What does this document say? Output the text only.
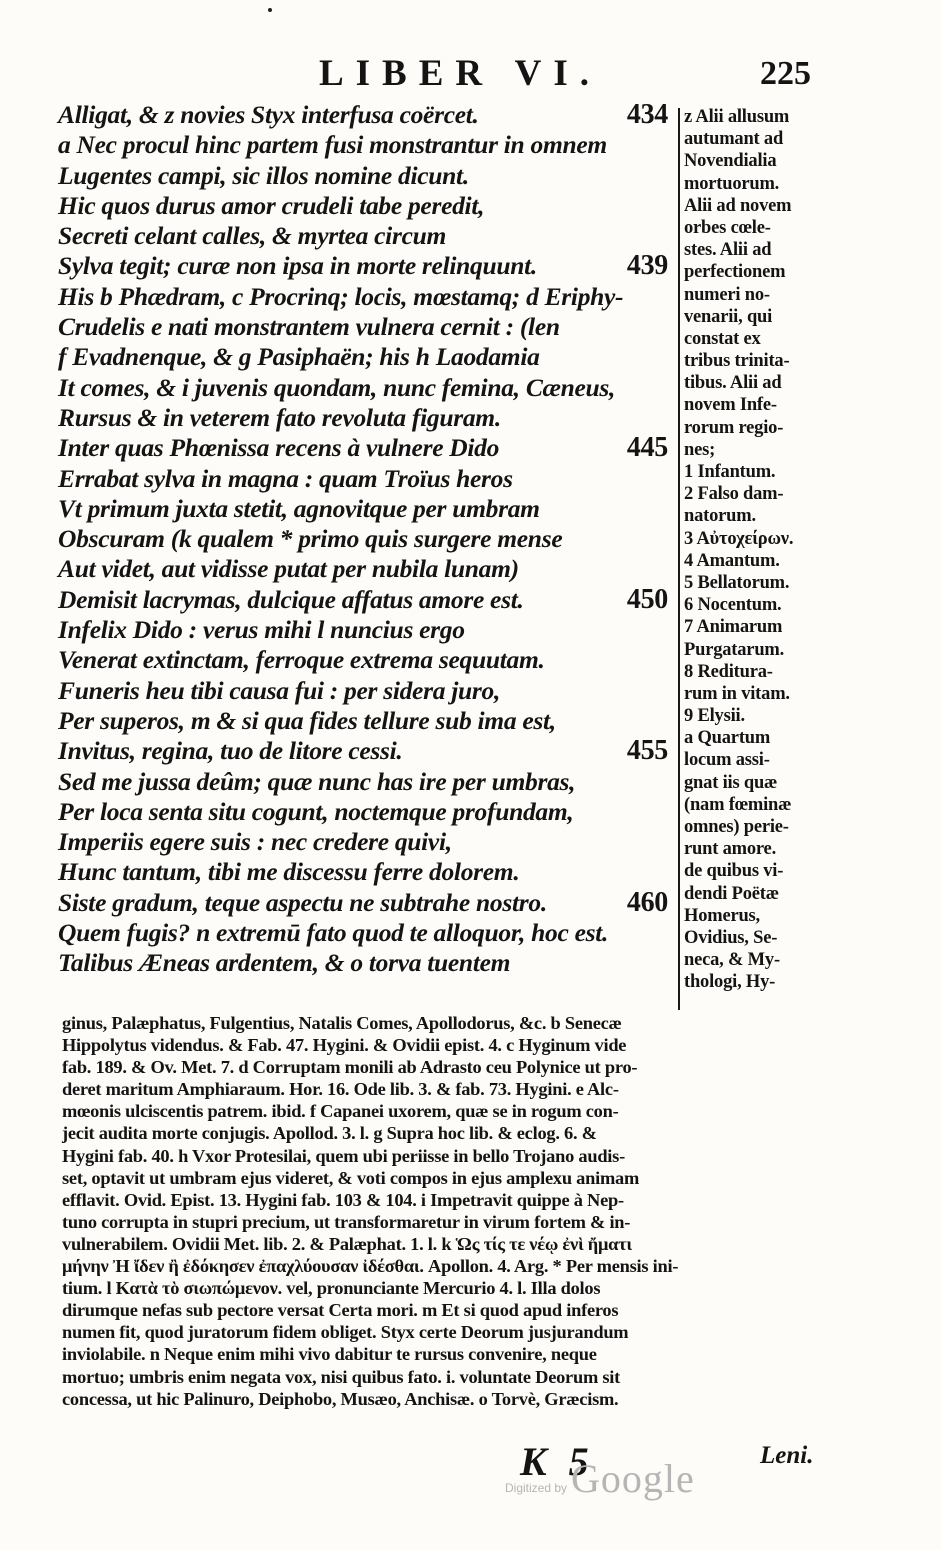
LIBER VI.	225
Alligat, & z novies Styx interfusa coërcet.	434
a Nec procul hinc partem fusi monstrantur in omnem
Lugentes campi, sic illos nomine dicunt.
Hic quos durus amor crudeli tabe peredit,
Secreti celant calles, & myrtea circum
Sylva tegit; curæ non ipsa in morte relinquunt.	439
His b Phædram, c Procrinq; locis, mœstamq; d Eriphy-
Crudelis e nati monstrantem vulnera cernit : (len
f Evadnenque, & g Pasiphaën; his h Laodamia
It comes, & i juvenis quondam, nunc femina, Cæneus,
Rursus & in veterem fato revoluta figuram.
Inter quas Phœnissa recens à vulnere Dido	445
Errabat sylva in magna : quam Troïus heros
Vt primum juxta stetit, agnovitque per umbram
Obscuram (k qualem * primo quis surgere mense
Aut videt, aut vidisse putat per nubila lunam)
Demisit lacrymas, dulcique affatus amore est.	450
Infelix Dido : verus mihi l nuncius ergo
Venerat extinctam, ferroque extrema sequutam.
Funeris heu tibi causa fui : per sidera juro,
Per superos, m & si qua fides tellure sub ima est,
Invitus, regina, tuo de litore cessi.	455
Sed me jussa deûm; quæ nunc has ire per umbras,
Per loca senta situ cogunt, noctemque profundam,
Imperiis egere suis : nec credere quivi,
Hunc tantum, tibi me discessu ferre dolorem.
Siste gradum, teque aspectu ne subtrahe nostro.	460
Quem fugis? n extremū fato quod te alloquor, hoc est.
Talibus Æneas ardentem, & o torva tuentem
z Alii allusum
autumant ad
Novendialia
mortuorum.
Alii ad novem
orbes cœle-
stes. Alii ad
perfectionem
numeri no-
venarii, qui
constat ex
tribus trinita-
tibus. Alii ad
novem Infe-
rorum regio-
nes;
1 Infantum.
2 Falso dam-
natorum.
3 Αὐτοχείρων.
4 Amantum.
5 Bellatorum.
6 Nocentum.
7 Animarum
Purgatarum.
8 Reditura-
rum in vitam.
9 Elysii.
a Quartum
locum assi-
gnat iis quæ
(nam fœminæ
omnes) perie-
runt amore.
de quibus vi-
dendi Poëtæ
Homerus,
Ovidius, Se-
neca, & My-
thologi, Hy-
ginus, Palæphatus, Fulgentius, Natalis Comes, Apollodorus, &c. b Senecæ
Hippolytus videndus. & Fab. 47. Hygini. & Ovidii epist. 4. c Hyginum vide
fab. 189. & Ov. Met. 7. d Corruptam monili ab Adrasto ceu Polynice ut pro-
deret maritum Amphiaraum. Hor. 16. Ode lib. 3. & fab. 73. Hygini. e Alc-
mœonis ulciscentis patrem. ibid. f Capanei uxorem, quæ se in rogum con-
jecit audita morte conjugis. Apollod. 3. l. g Supra hoc lib. & eclog. 6. &
Hygini fab. 40. h Vxor Protesilai, quem ubi periisse in bello Trojano audis-
set, optavit ut umbram ejus videret, & voti compos in ejus amplexu animam
efflavit. Ovid. Epist. 13. Hygini fab. 103 & 104. i Impetravit quippe à Nep-
tuno corrupta in stupri precium, ut transformaretur in virum fortem & in-
vulnerabilem. Ovidii Met. lib. 2. & Palæphat. 1. l. k Ὡς τίς τε νέῳ ἐνὶ ἤματι
μήνην Ἠ ἴδεν ἢ ἐδόκησεν ἐπαχλύουσαν ἰδέσθαι. Apollon. 4. Arg. * Per mensis ini-
tium. l Κατὰ τὸ σιωπώμενον. vel, pronunciante Mercurio 4. l. Illa dolos
dirumque nefas sub pectore versat Certa mori. m Et si quod apud inferos
numen fit, quod juratorum fidem obliget. Styx certe Deorum jusjurandum
inviolabile. n Neque enim mihi vivo dabitur te rursus convenire, neque
mortuo; umbris enim negata vox, nisi quibus fato. i. voluntate Deorum sit
concessa, ut hic Palinuro, Deiphobo, Musæo, Anchisæ. o Torvè, Græcism.
K 5	Leni.
Digitized by Google
